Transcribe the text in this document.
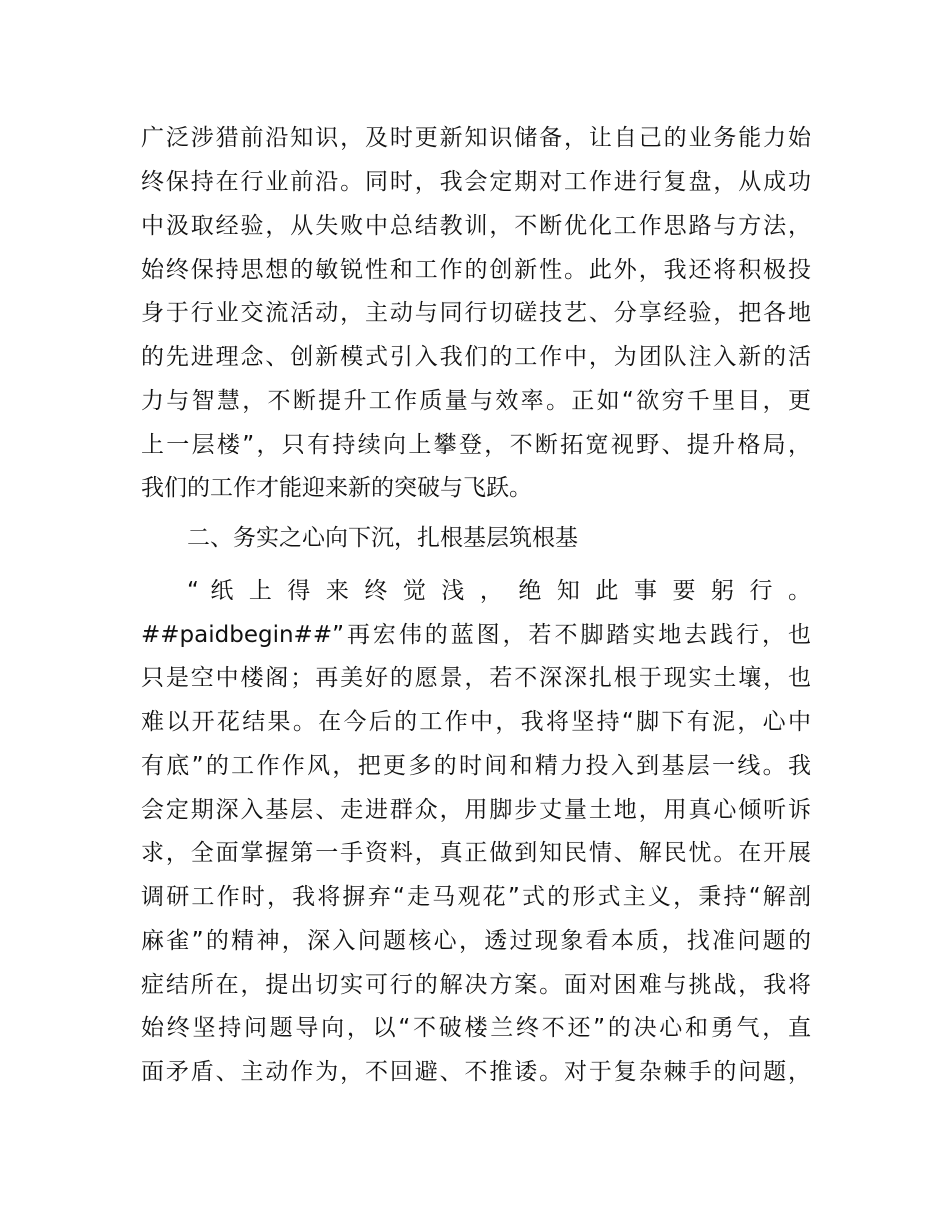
广泛涉猎前沿知识，及时更新知识储备，让自己的业务能力始
终保持在行业前沿。同时，我会定期对工作进行复盘，从成功
中汲取经验，从失败中总结教训，不断优化工作思路与方法，
始终保持思想的敏锐性和工作的创新性。此外，我还将积极投
身于行业交流活动，主动与同行切磋技艺、分享经验，把各地
的先进理念、创新模式引入我们的工作中，为团队注入新的活
力与智慧，不断提升工作质量与效率。正如“欲穷千里目，更
上一层楼”，只有持续向上攀登，不断拓宽视野、提升格局，
我们的工作才能迎来新的突破与飞跃。
二、务实之心向下沉，扎根基层筑根基
“ 纸 上 得 来 终 觉 浅 ， 绝 知 此 事 要 躬 行 。
##paidbegin##”再宏伟的蓝图，若不脚踏实地去践行，也
只是空中楼阁；再美好的愿景，若不深深扎根于现实土壤，也
难以开花结果。在今后的工作中，我将坚持“脚下有泥，心中
有底”的工作作风，把更多的时间和精力投入到基层一线。我
会定期深入基层、走进群众，用脚步丈量土地，用真心倾听诉
求，全面掌握第一手资料，真正做到知民情、解民忧。在开展
调研工作时，我将摒弃“走马观花”式的形式主义，秉持“解剖
麻雀”的精神，深入问题核心，透过现象看本质，找准问题的
症结所在，提出切实可行的解决方案。面对困难与挑战，我将
始终坚持问题导向，以“不破楼兰终不还”的决心和勇气，直
面矛盾、主动作为，不回避、不推诿。对于复杂棘手的问题，
